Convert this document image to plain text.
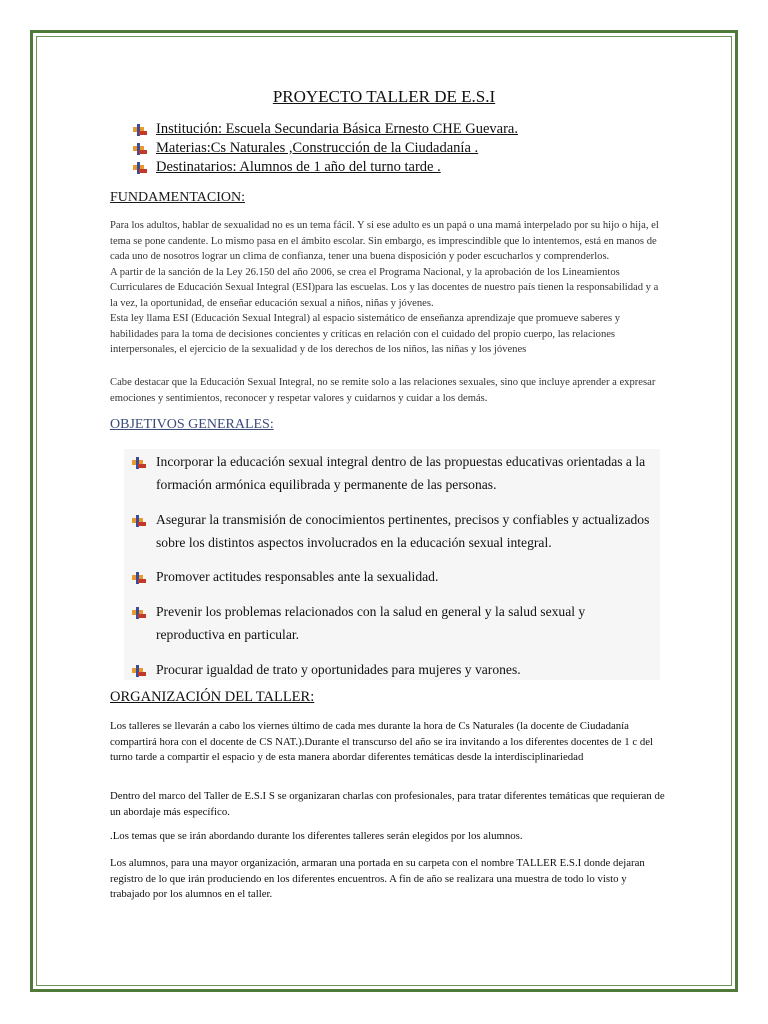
PROYECTO TALLER DE E.S.I
Institución: Escuela Secundaria Básica Ernesto CHE Guevara.
Materias:Cs Naturales ,Construcción de la Ciudadanía .
Destinatarios: Alumnos de 1 año del turno tarde .
FUNDAMENTACION:

Para los adultos, hablar de sexualidad no es un tema fácil. Y si ese adulto es un papá o una mamá interpelado por su hijo o hija, el tema se pone candente. Lo mismo pasa en el ámbito escolar. Sin embargo, es imprescindible que lo intentemos, está en manos de cada uno de nosotros lograr un clima de confianza, tener una buena disposición y poder escucharlos y comprenderlos.

A partir de la sanción de la Ley 26.150 del año 2006, se crea el Programa Nacional, y la aprobación de los Lineamientos Curriculares de Educación Sexual Integral (ESI)para las escuelas. Los y las docentes de nuestro país tienen la responsabilidad y a la vez, la oportunidad, de enseñar educación sexual a niños, niñas y jóvenes.

Esta ley llama ESI (Educación Sexual Integral) al espacio sistemático de enseñanza aprendizaje que promueve saberes y habilidades para la toma de decisiones concientes y críticas en relación con el cuidado del propio cuerpo, las relaciones interpersonales, el ejercicio de la sexualidad y de los derechos de los niños, las niñas y los jóvenes

Cabe destacar que la Educación Sexual Integral, no se remite solo a las relaciones sexuales, sino que incluye aprender a expresar emociones y sentimientos, reconocer y respetar valores y cuidarnos y cuidar a los demás.
OBJETIVOS GENERALES:
Incorporar la educación sexual integral dentro de las propuestas educativas orientadas a la formación armónica equilibrada y permanente de las personas.
Asegurar la transmisión de conocimientos pertinentes, precisos y confiables y actualizados sobre los distintos aspectos involucrados en la educación sexual integral.
Promover actitudes responsables ante la sexualidad.
Prevenir los problemas relacionados con la salud en general y la salud sexual y reproductiva en particular.
Procurar igualdad de trato y oportunidades para mujeres y varones.
ORGANIZACIÓN DEL TALLER:
Los talleres se llevarán a cabo los viernes último de cada mes durante la hora de Cs Naturales (la docente de Ciudadanía compartirá hora con el docente de CS NAT.).Durante el transcurso del año se ira invitando a los diferentes docentes de 1 c del turno tarde a compartir el espacio y de esta manera abordar diferentes temáticas desde la interdisciplinariedad
Dentro del marco del Taller de E.S.I S se organizaran charlas con profesionales, para tratar diferentes temáticas que requieran de un abordaje más específico.
.Los temas que se irán abordando durante los diferentes talleres serán elegidos por los alumnos.
Los alumnos, para una mayor organización, armaran una portada en su carpeta con el nombre TALLER E.S.I donde dejaran registro de lo que irán produciendo en los diferentes encuentros. A fin de año se realizara una muestra de todo lo visto y trabajado por los alumnos en el taller.
